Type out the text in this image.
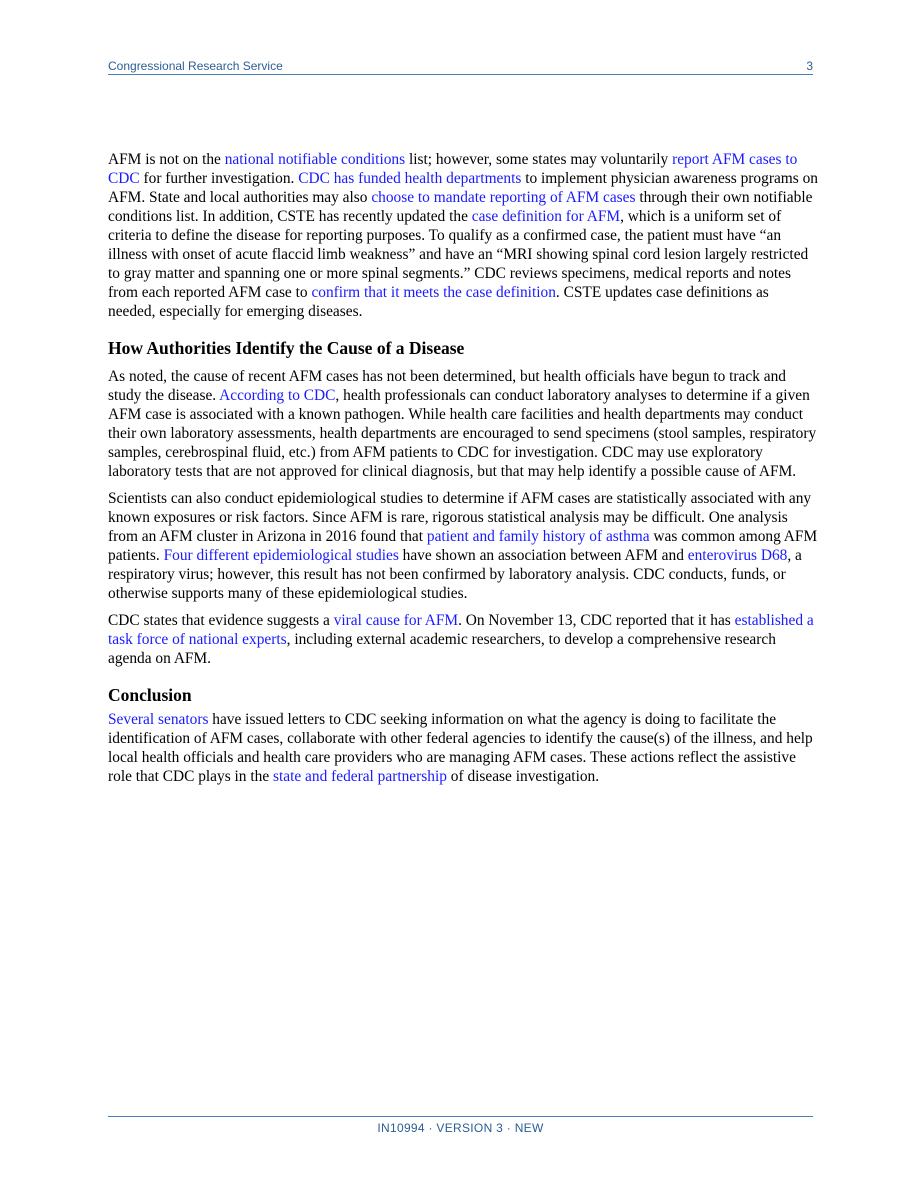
Congressional Research Service	3

AFM is not on the national notifiable conditions list; however, some states may voluntarily report AFM cases to CDC for further investigation. CDC has funded health departments to implement physician awareness programs on AFM. State and local authorities may also choose to mandate reporting of AFM cases through their own notifiable conditions list. In addition, CSTE has recently updated the case definition for AFM, which is a uniform set of criteria to define the disease for reporting purposes. To qualify as a confirmed case, the patient must have “an illness with onset of acute flaccid limb weakness” and have an “MRI showing spinal cord lesion largely restricted to gray matter and spanning one or more spinal segments.” CDC reviews specimens, medical reports and notes from each reported AFM case to confirm that it meets the case definition. CSTE updates case definitions as needed, especially for emerging diseases.

How Authorities Identify the Cause of a Disease

As noted, the cause of recent AFM cases has not been determined, but health officials have begun to track and study the disease. According to CDC, health professionals can conduct laboratory analyses to determine if a given AFM case is associated with a known pathogen. While health care facilities and health departments may conduct their own laboratory assessments, health departments are encouraged to send specimens (stool samples, respiratory samples, cerebrospinal fluid, etc.) from AFM patients to CDC for investigation. CDC may use exploratory laboratory tests that are not approved for clinical diagnosis, but that may help identify a possible cause of AFM.

Scientists can also conduct epidemiological studies to determine if AFM cases are statistically associated with any known exposures or risk factors. Since AFM is rare, rigorous statistical analysis may be difficult. One analysis from an AFM cluster in Arizona in 2016 found that patient and family history of asthma was common among AFM patients. Four different epidemiological studies have shown an association between AFM and enterovirus D68, a respiratory virus; however, this result has not been confirmed by laboratory analysis. CDC conducts, funds, or otherwise supports many of these epidemiological studies.

CDC states that evidence suggests a viral cause for AFM. On November 13, CDC reported that it has established a task force of national experts, including external academic researchers, to develop a comprehensive research agenda on AFM.

Conclusion

Several senators have issued letters to CDC seeking information on what the agency is doing to facilitate the identification of AFM cases, collaborate with other federal agencies to identify the cause(s) of the illness, and help local health officials and health care providers who are managing AFM cases. These actions reflect the assistive role that CDC plays in the state and federal partnership of disease investigation.

IN10994 · VERSION 3 · NEW
